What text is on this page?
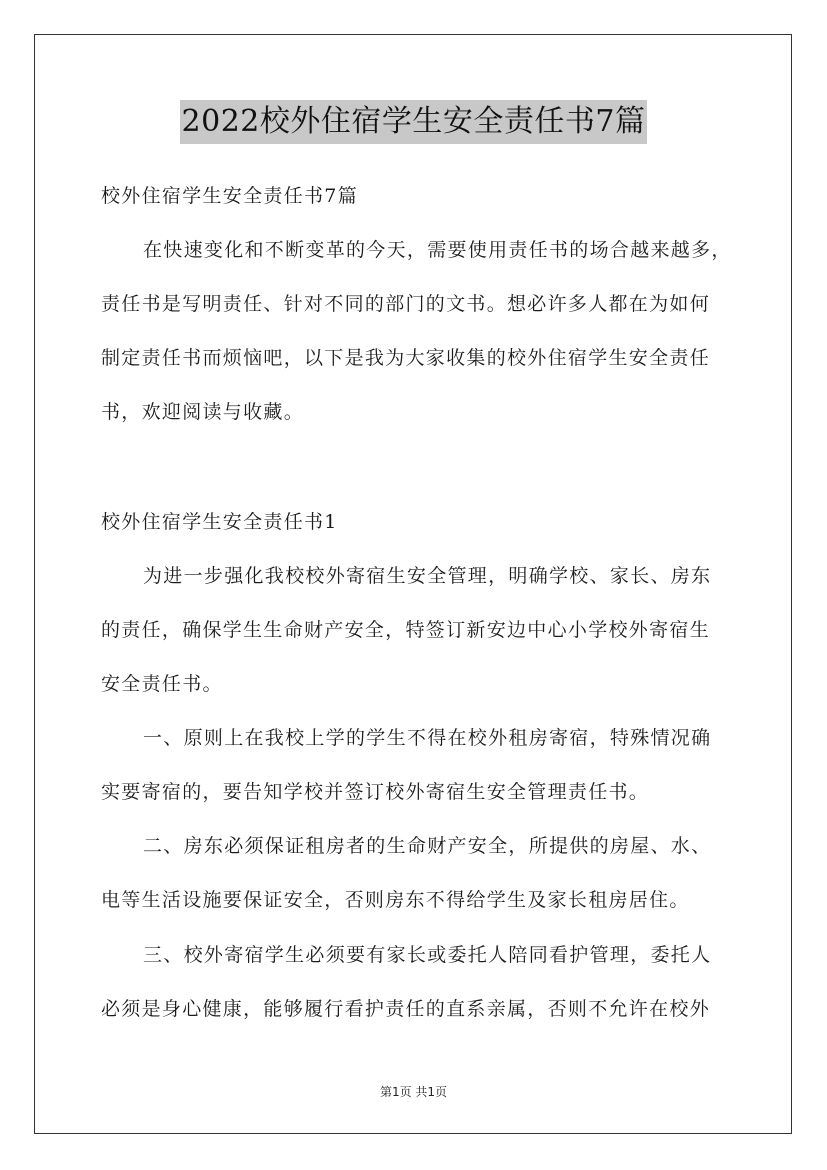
2022校外住宿学生安全责任书7篇
校外住宿学生安全责任书7篇
在快速变化和不断变革的今天，需要使用责任书的场合越来越多，
责任书是写明责任、针对不同的部门的文书。想必许多人都在为如何
制定责任书而烦恼吧，以下是我为大家收集的校外住宿学生安全责任
书，欢迎阅读与收藏。
校外住宿学生安全责任书1
为进一步强化我校校外寄宿生安全管理，明确学校、家长、房东
的责任，确保学生生命财产安全，特签订新安边中心小学校外寄宿生
安全责任书。
一、原则上在我校上学的学生不得在校外租房寄宿，特殊情况确
实要寄宿的，要告知学校并签订校外寄宿生安全管理责任书。
二、房东必须保证租房者的生命财产安全，所提供的房屋、水、
电等生活设施要保证安全，否则房东不得给学生及家长租房居住。
三、校外寄宿学生必须要有家长或委托人陪同看护管理，委托人
必须是身心健康，能够履行看护责任的直系亲属，否则不允许在校外
第1页 共1页
